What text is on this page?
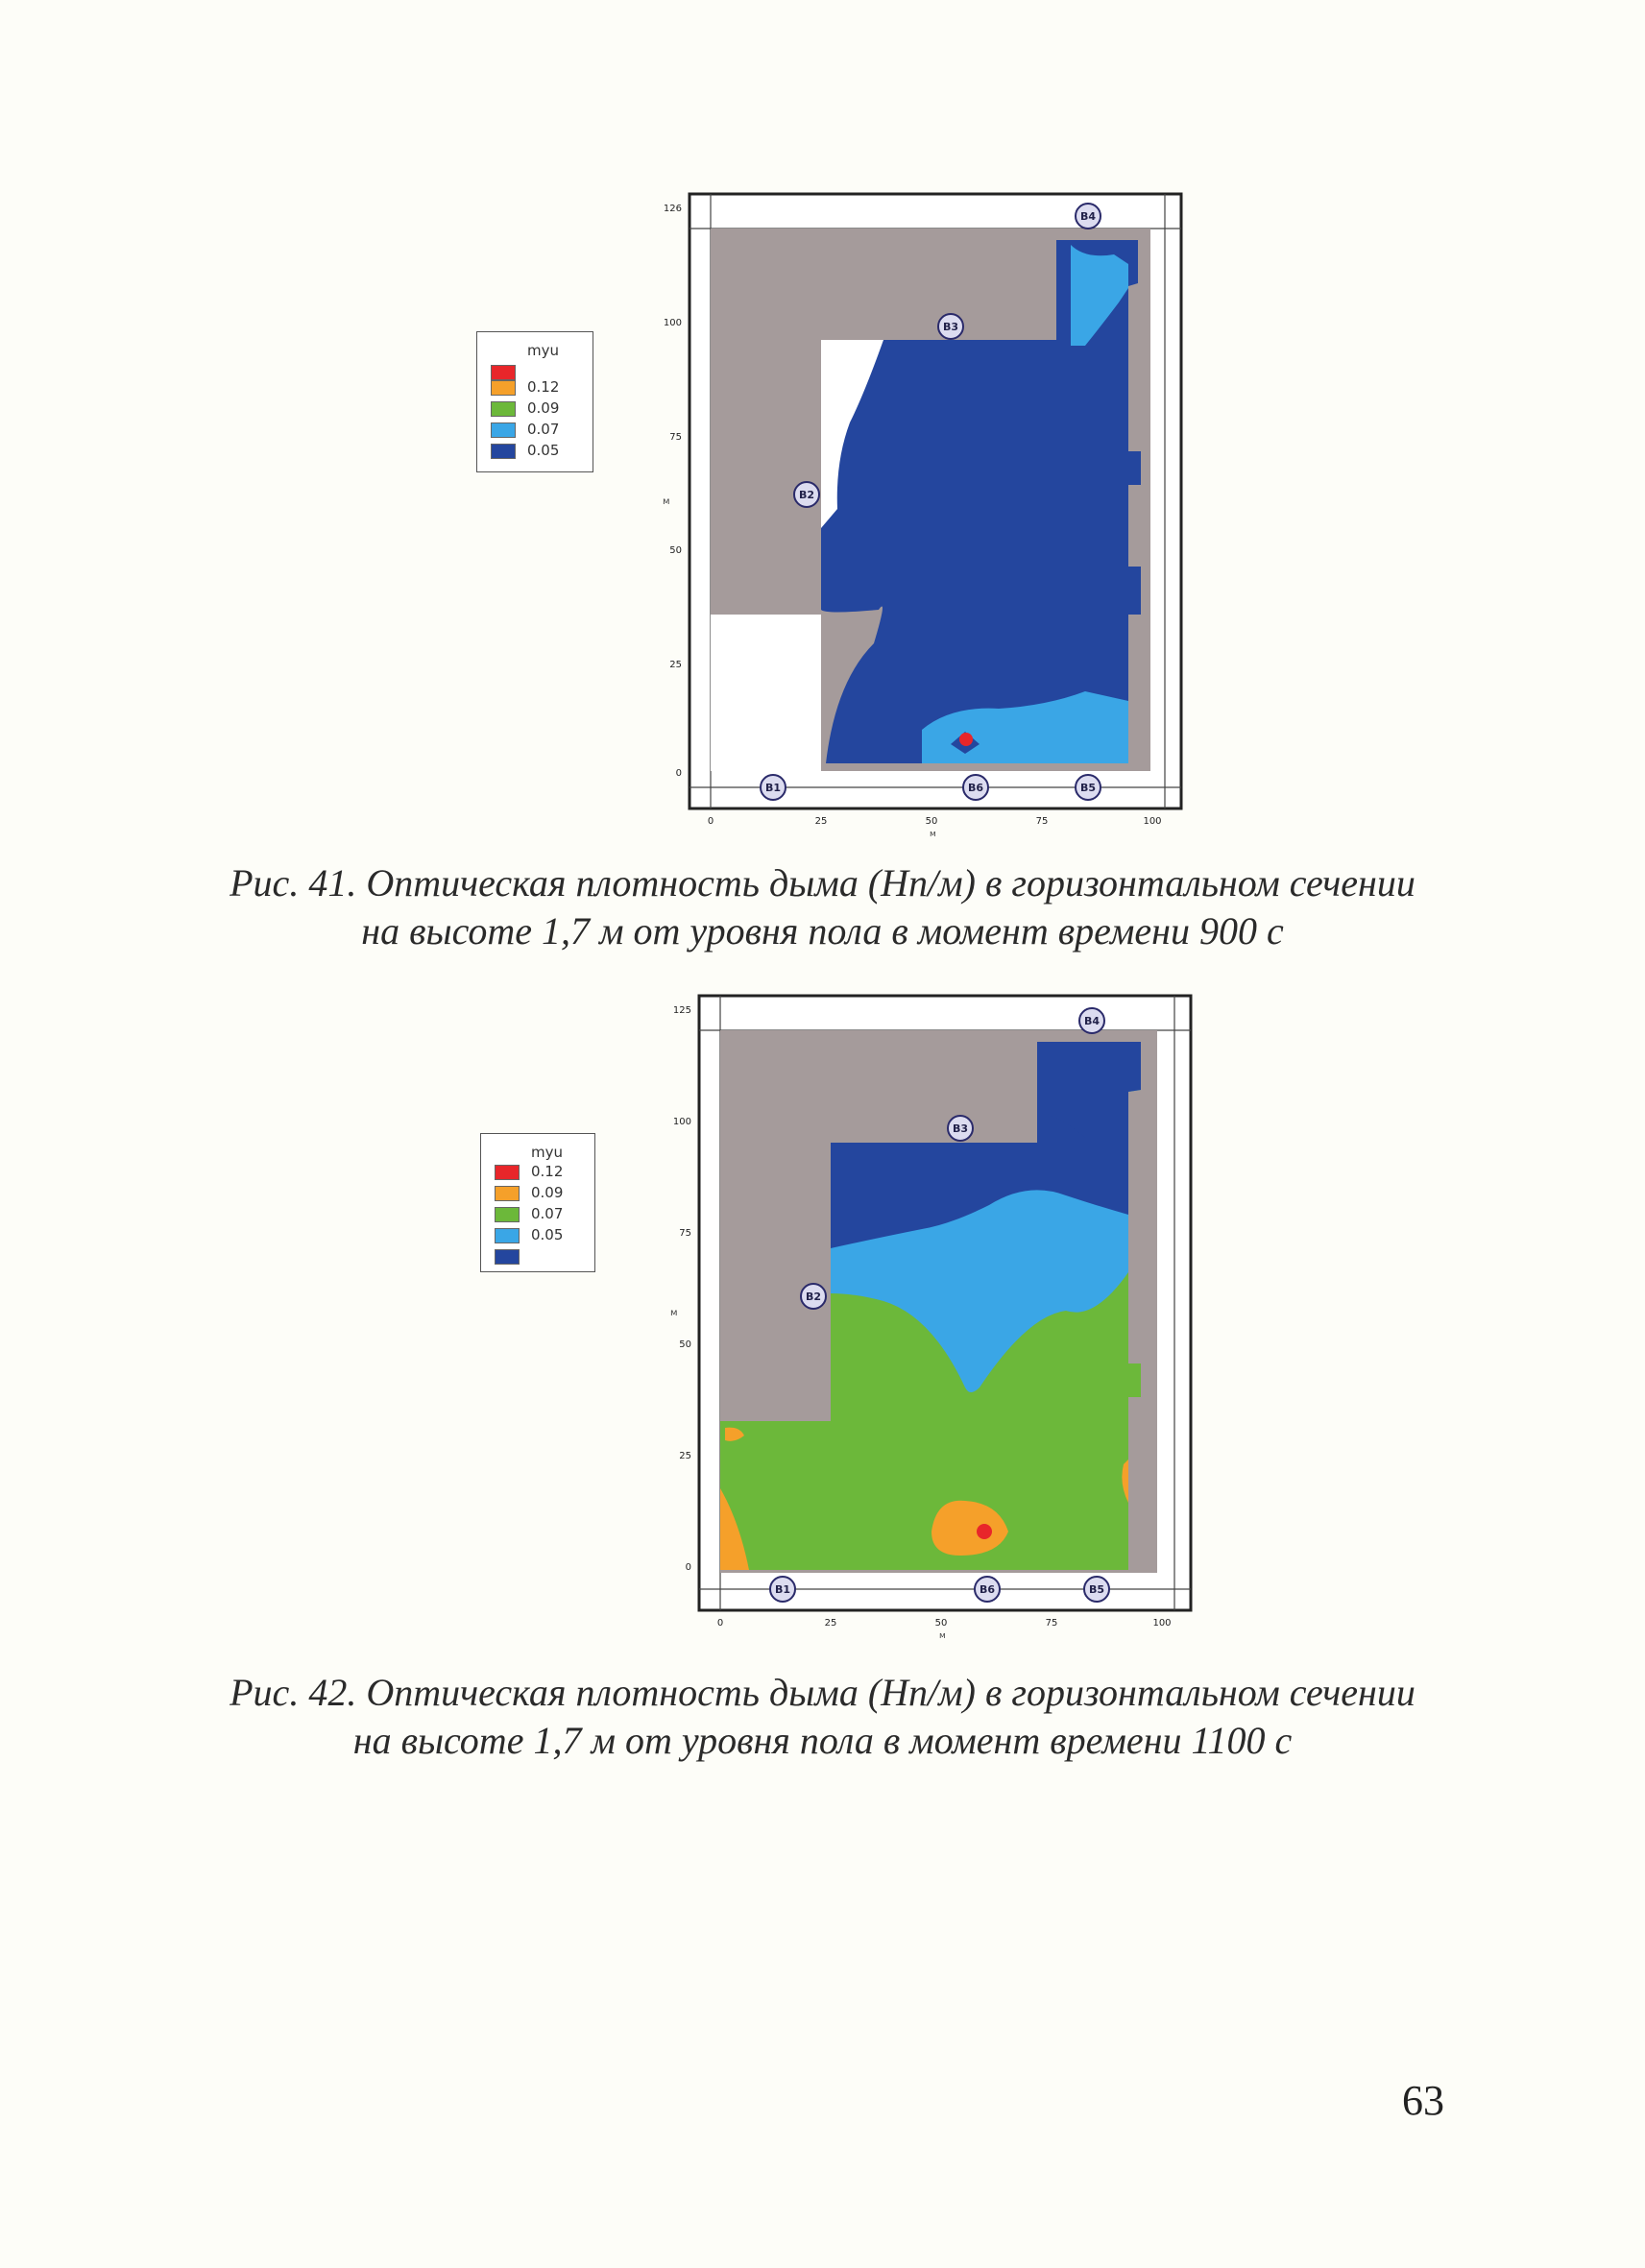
myu
0.12
0.09
0.07
0.05
126
100
75
50
25
0
м
0	25	50	75	100
м
B1
B2
B3
B4
B5
B6
Рис. 41. Оптическая плотность дыма (Нп/м) в горизонтальном сечении
на высоте 1,7 м от уровня пола в момент времени 900 с
myu
0.12
0.09
0.07
0.05
125
100
75
50
25
0
м
0	25	50	75	100
м
B1
B2
B3
B4
B5
B6
Рис. 42. Оптическая плотность дыма (Нп/м) в горизонтальном сечении
на высоте 1,7 м от уровня пола в момент времени 1100 с
63
